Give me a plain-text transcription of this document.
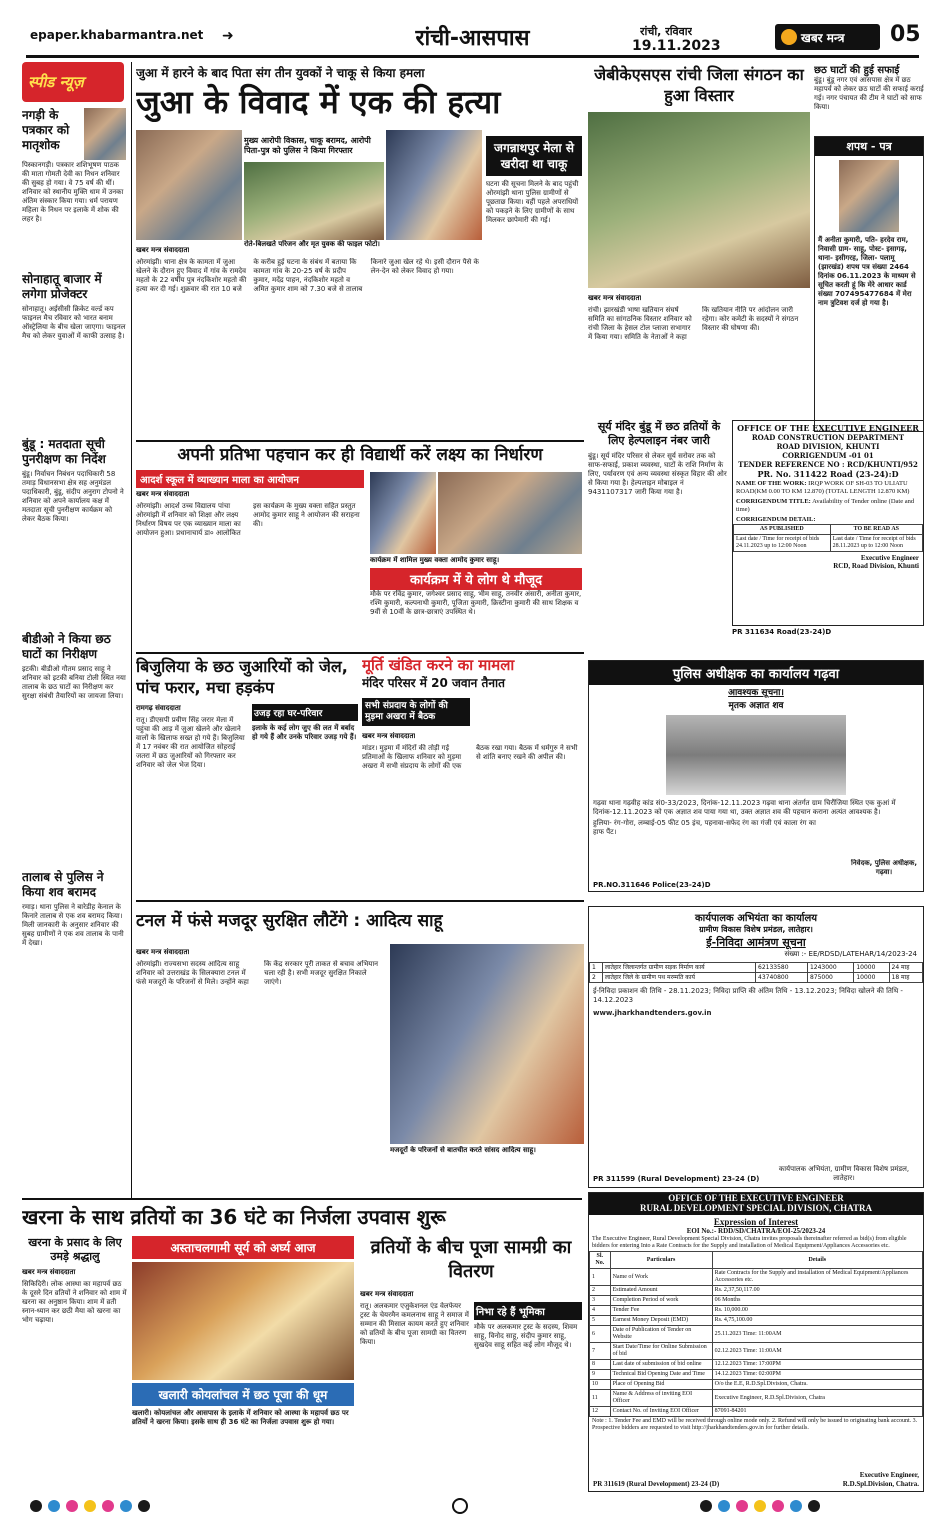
epaper.khabarmantra.net ➜	रांची-आसपास	रांची, रविवार
19.11.2023	खबर मन्त्र 05
स्पीड न्यूज़
नगड़ी के पत्रकार को मातृशोक
पिस्कानगड़ी। पत्रकार शशिभूषण पाठक की माता गोमती देवी का निधन शनिवार की सुबह हो गया। वे 75 वर्ष की थीं। शनिवार को स्थानीय मुक्ति धाम में उनका अंतिम संस्कार किया गया। धर्म परायण महिला के निधन पर इलाके में शोक की लहर है।
सोनाहातू बाजार में लगेगा प्रोजेक्टर
सोनाहातू। अईसीसी क्रिकेट वर्ल्ड कप फाइनल मैच रविवार को भारत बनाम ऑस्ट्रेलिया के बीच खेला जाएगा। फाइनल मैच को लेकर युवाओं में काफी उत्साह है।
बुंडू : मतदाता सूची पुनरीक्षण का निर्देश
बुंडू। निर्वाचन निबंधन पदाधिकारी 58 तमाड़ विधानसभा क्षेत्र सह अनुमंडल पदाधिकारी, बुंडू, संदीप अनुराग टोपनो ने शनिवार को अपने कार्यालय कक्ष में मतदाता सूची पुनरीक्षण कार्यक्रम को लेकर बैठक किया।
बीडीओ ने किया छठ घाटों का निरीक्षण
इटकी। बीडीओ गौतम प्रसाद साहू ने शनिवार को इटकी बनिया टोली स्थित नया तालाब के छठ घाटों का निरीक्षण कर सुरक्षा संबंधी तैयारियों का जायजा लिया।
तालाब से पुलिस ने किया शव बरामद
रमाड़। थाना पुलिस ने बारेडीह केनाल के किनारे तालाब से एक शव बरामद किया। मिली जानकारी के अनुसार शनिवार की सुबह ग्रामीणों ने एक शव तालाब के पानी में देखा।
जुआ में हारने के बाद पिता संग तीन युवकों ने चाकू से किया हमला
जुआ के विवाद में एक की हत्या
मुख्य आरोपी विकास, चाकू बरामद, आरोपी पिता-पुत्र को पुलिस ने किया गिरफ्तार
खबर मन्त्र संवाददाता
रोते-बिलखते परिजन और मृत युवक की फाइल फोटो।
ओरमांझी। थाना क्षेत्र के कामता में जुआ खेलने के दौरान हुए विवाद में गांव के रामदेव महतो के 22 वर्षीय पुत्र नंदकिशोर महतो की हत्या कर दी गई। शुक्रवार की रात 10 बजे के करीब हुई घटना के संबंध में बताया कि कामता गांव के 20-25 वर्ष के प्रदीप कुमार, मदेंद्र पाहन, नंदकिशोर महतो व अमित कुमार शाम को 7.30 बजे से तालाब किनारे जुआ खेल रहे थे। इसी दौरान पैसे के लेन-देन को लेकर विवाद हो गया।
जगन्नाथपुर मेला से खरीदा था चाकू
घटना की सूचना मिलने के बाद पहुंची ओरमांझी थाना पुलिस ग्रामीणों से पूछताछ किया। वहीं पहले अपराधियों को पकड़ने के लिए ग्रामीणों के साथ मिलकर छापेमारी की गई।
जेबीकेएसएस रांची जिला संगठन का हुआ विस्तार
खबर मन्त्र संवाददाता
रांची। झारखंडी भाषा खतियान संघर्ष समिति का सांगठनिक विस्तार शनिवार को रांची जिला के हेसल टोल प्लाजा सभागार में किया गया। समिति के नेताओं ने कहा कि खतियान नीति पर आंदोलन जारी रहेगा। कोर कमेटी के सदस्यों ने संगठन विस्तार की घोषणा की।
छठ घाटों की हुई सफाई
बुंडू। बुंडू नगर एवं आसपास क्षेत्र में छठ महापर्व को लेकर छठ घाटों की सफाई कराई गई। नगर पंचायत की टीम ने घाटों को साफ किया।
शपथ - पत्र
मैं अनीता कुमारी, पति- हरदेव राम, निवासी ग्राम- साहू, पोस्ट- इसागढ़, थाना- इसीगरह, जिला- पलामू (झारखंड) शपथ पत्र संख्या 2464 दिनांक 06.11.2023 के माध्यम से सूचित करती हूं कि मेरे आधार कार्ड संख्या 707495477684 में मेरा नाम त्रुटिवश दर्ज हो गया है।
अपनी प्रतिभा पहचान कर ही विद्यार्थी करें लक्ष्य का निर्धारण
आदर्श स्कूल में व्याख्यान माला का आयोजन
खबर मन्त्र संवाददाता
ओरमांझी। आदर्श उच्च विद्यालय पांचा ओरमांझी में शनिवार को शिक्षा और लक्ष्य निर्धारण विषय पर एक व्याख्यान माला का आयोजन हुआ। प्रधानाचार्य डा० आलोकित इस कार्यक्रम के मुख्य वक्ता सहित प्रस्तुत आमोद कुमार साहू ने आयोजन की सराहना की।
कार्यक्रम में शामिल मुख्य वक्ता आमोद कुमार साहू।
कार्यक्रम में ये लोग थे मौजूद
मौके पर रविंद्र कुमार, जगेश्वर प्रसाद साहू, भीम साहू, तनवीर अंसारी, अनीता कुमार, रश्मि कुमारी, कल्पनाथी कुमारी, पूजिता कुमारी, क्रिस्टीना कुमारी की साथ शिक्षक व 9वीं से 10वीं के छात्र-छात्राएं उपस्थित थे।
सूर्य मंदिर बुंडू में छठ व्रतियों के लिए हेल्पलाइन नंबर जारी
बुंडू। सूर्य मंदिर परिसर से लेकर सूर्य सरोवर तक को साफ-सफाई, प्रकाश व्यवस्था, घाटों के राशि निर्माण के लिए, पर्यावरण एवं अन्य व्यवस्था संस्कृत विहार की ओर से किया गया है। हेल्पलाइन मोबाइल नं 9431107317 जारी किया गया है।
OFFICE OF THE EXECUTIVE ENGINEER
ROAD CONSTRUCTION DEPARTMENT
ROAD DIVISION, KHUNTI
CORRIGENDUM -01 01
TENDER REFERENCE NO : RCD/KHUNTI/952
PR. No. 311422 Road (23-24):D
NAME OF THE WORK: IRQP WORK OF SH-03 TO ULIATU ROAD(KM 0.00 TO KM 12.870) (TOTAL LENGTH 12.870 KM)
CORRIGENDUM TITLE: Availability of Tender online (Date and time)
CORRIGENDUM DETAIL:
AS PUBLISHED	TO BE READ AS
Last date / Time for receipt of bids 24.11.2023 up to 12:00 Noon	Last date / Time for receipt of bids 28.11.2023 up to 12:00 Noon
Executive Engineer
RCD, Road Division, Khunti
PR 311634 Road(23-24)D
बिजुलिया के छठ जुआरियों को जेल, पांच फरार, मचा हड़कंप
रामगढ़ संवाददाता
रातू। डीएसपी प्रवीण सिंह जरार मेला में पहुंचा की आड़ में जुआ खेलने और खेलाने वालों के खिलाफ सख्त हो गये हैं। बिजुलिया में 17 नवंबर की रात आयोजित सोहराई जतरा में छठ जुआरियों को गिरफ्तार कर शनिवार को जेल भेज दिया।
उजड़ रहा घर-परिवार
इलाके के कई लोग जुए की लत में बर्बाद हो गये हैं और उनके परिवार उजड़ गये हैं।
मूर्ति खंडित करने का मामला
मंदिर परिसर में 20 जवान तैनात
सभी संप्रदाय के लोगों की मुड़मा अखरा में बैठक
खबर मन्त्र संवाददाता
मांडर। मुड़मा में मंदिरों की तोड़ी गई प्रतिमाओं के खिलाफ शनिवार को मुड़मा अखरा में सभी संप्रदाय के लोगों की एक बैठक रखा गया। बैठक में धर्मगुरु ने सभी से शांति बनाए रखने की अपील की।
पुलिस अधीक्षक का कार्यालय गढ़वा
आवश्यक सूचना।
मृतक अज्ञात शव
गढ़वा थाना गढ़वीह कांड सं0-33/2023, दिनांक-12.11.2023 गढ़वा थाना अंतर्गत ग्राम चिरौंजिया स्थित एक कुआं में दिनांक-12.11.2023 को एक अज्ञात शव पाया गया था, उक्त अज्ञात शव की पहचान कराना अत्यंत आवश्यक है।
हुलिया- रंग-गोरा, लम्बाई-05 फीट 05 इंच, पहनावा-सफेद रंग का गंजी एवं काला रंग का हाफ पैंट।
निवेदक, पुलिस अधीक्षक, गढ़वा।
PR.NO.311646 Police(23-24)D
टनल में फंसे मजदूर सुरक्षित लौटेंगे : आदित्य साहू
खबर मन्त्र संवाददाता
ओरमांझी। राज्यसभा सदस्य आदित्य साहू शनिवार को उत्तराखंड के सिलक्यारा टनल में फंसे मजदूरों के परिजनों से मिले। उन्होंने कहा कि केंद्र सरकार पूरी ताकत से बचाव अभियान चला रही है। सभी मजदूर सुरक्षित निकाले जाएंगे।
मजदूरों के परिजनों से बातचीत करते सांसद आदित्य साहू।
कार्यपालक अभियंता का कार्यालय
ग्रामीण विकास विशेष प्रमंडल, लातेहार।
ई-निविदा आमंत्रण सूचना
संख्या :- EE/RDSD/LATEHAR/14/2023-24
1	लातेहार जिलान्तर्गत ग्रामीण सड़क निर्माण कार्य	62133580	1243000	10000	24 माह
2	लातेहार जिले के ग्रामीण पथ मरम्मति कार्य	43740800	875000	10000	18 माह
ई-निविदा प्रकाशन की तिथि - 28.11.2023; निविदा प्राप्ति की अंतिम तिथि - 13.12.2023; निविदा खोलने की तिथि - 14.12.2023
www.jharkhandtenders.gov.in
कार्यपालक अभियंता, ग्रामीण विकास विशेष प्रमंडल, लातेहार।
PR 311599 (Rural Development) 23-24 (D)
खरना के साथ व्रतियों का 36 घंटे का निर्जला उपवास शुरू
खरना के प्रसाद के लिए उमड़े श्रद्धालु
खबर मन्त्र संवाददाता
सिकिदिरी। लोक आस्था का महापर्व छठ के दूसरे दिन व्रतियों ने शनिवार को शाम में खरना का अनुष्ठान किया। शाम में व्रती स्नान-ध्यान कर छठी मैया को खरना का भोग चढ़ाया।
अस्ताचलगामी सूर्य को अर्घ्य आज
खलारी कोयलांचल में छठ पूजा की धूम
खलारी। कोयलांचल और आसपास के इलाके में शनिवार को आस्था के महापर्व छठ पर व्रतियों ने खरना किया। इसके साथ ही 36 घंटे का निर्जला उपवास शुरू हो गया।
व्रतियों के बीच पूजा सामग्री का वितरण
खबर मन्त्र संवाददाता
रातू। अलकमार एजुकेशनल एंड वेलफेयर ट्रस्ट के चेयरमैन कमलनाथ साहू ने समाज में सम्मान की मिसाल कायम करते हुए शनिवार को व्रतियों के बीच पूजा सामग्री का वितरण किया।
निभा रहे हैं भूमिका
मौके पर अलकमार ट्रस्ट के सदस्य, शिवम साहू, विनोद साहू, संदीप कुमार साहू, सुखदेव साहू सहित कई लोग मौजूद थे।
OFFICE OF THE EXECUTIVE ENGINEER
RURAL DEVELOPMENT SPECIAL DIVISION, CHATRA
Expression of Interest
EOI No.:- RDD/SD/CHATRA/EOI-25/2023-24
The Executive Engineer, Rural Development Special Division, Chatra invites proposals thereinafter referred as bid(s) from eligible bidders for entering Into a Rate Contracts for the Supply and installation of Medical Equipment/Appliances Accessories etc.
Sl. No.	Particulars	Details
1	Name of Work	Rate Contracts for the Supply and installation of Medical Equipment/Appliances Accessories etc.
2	Estimated Amount	Rs. 2,37,50,117.00
3	Completion Period of work	06 Months
4	Tender Fee	Rs. 10,000.00
5	Earnest Money Deposit (EMD)	Rs. 4,75,100.00
6	Date of Publication of Tender on Website	25.11.2023 Time: 11:00AM
7	Start Date/Time for Online Submission of bid	02.12.2023 Time: 11:00AM
8	Last date of submission of bid online	12.12.2023 Time: 17:00PM
9	Technical Bid Opening Date and Time	14.12.2023 Time: 02:00PM
10	Place of Opening Bid	O/o the E.E, R.D.Spl.Division, Chatra.
11	Name & Address of inviting EOI Officer	Executive Engineer, R.D.Spl.Division, Chatra
12	Contact No. of Inviting EOI Officer	87091-84201
Note : 1. Tender Fee and EMD will be received through online mode only. 2. Refund will only be issued to originating bank account. 3. Prospective bidders are requested to visit http://jharkhandtenders.gov.in for further details.
Executive Engineer,
R.D.Spl.Division, Chatra.
PR 311619 (Rural Development) 23-24 (D)
